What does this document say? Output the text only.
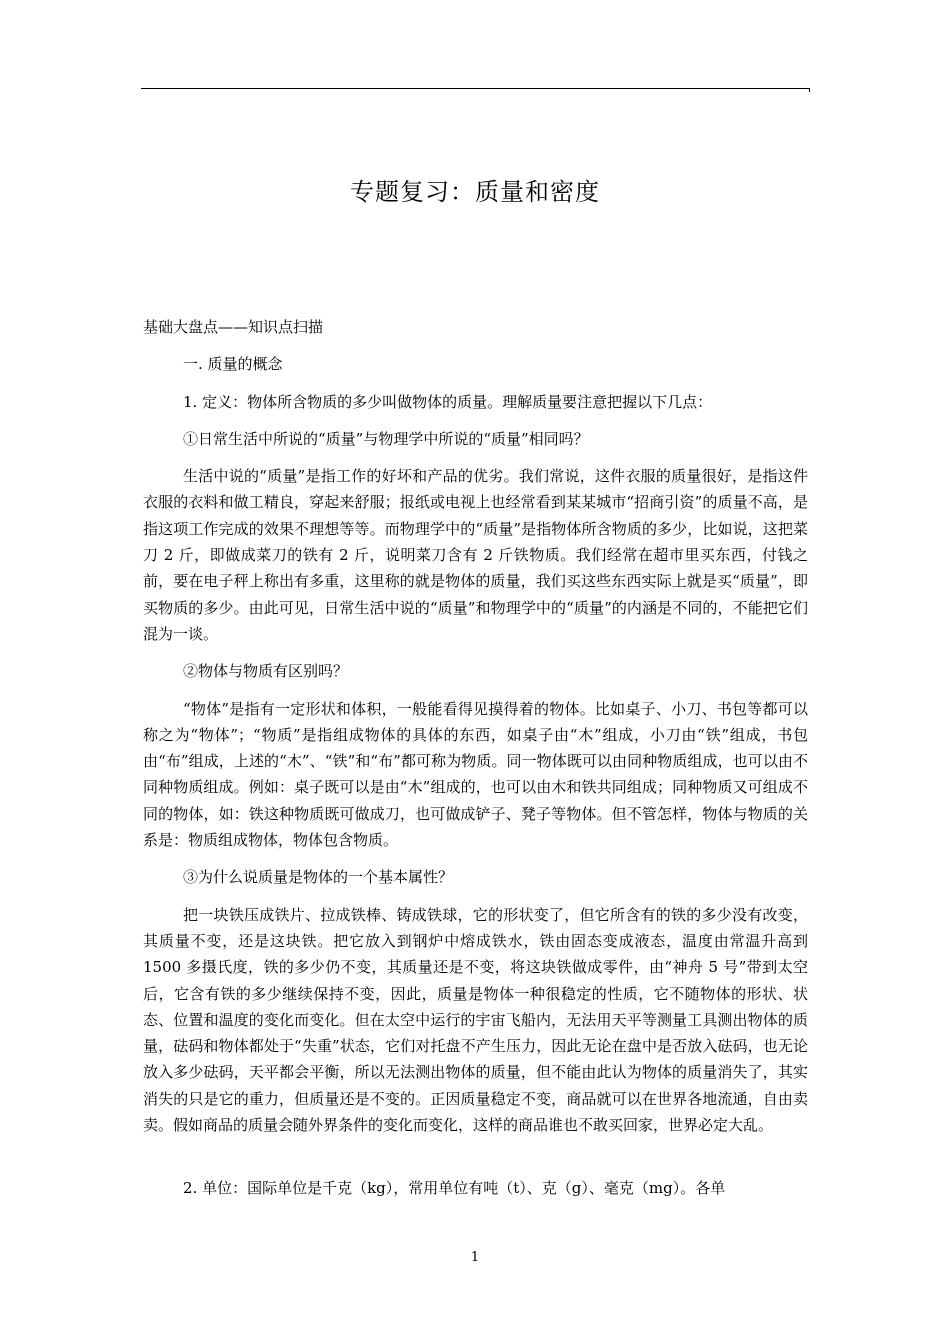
专题复习：质量和密度

基础大盘点——知识点扫描

一. 质量的概念

1. 定义：物体所含物质的多少叫做物体的质量。理解质量要注意把握以下几点：

①日常生活中所说的“质量”与物理学中所说的“质量”相同吗？

生活中说的“质量”是指工作的好坏和产品的优劣。我们常说，这件衣服的质量很好，是指这件衣服的衣料和做工精良，穿起来舒服；报纸或电视上也经常看到某某城市“招商引资”的质量不高，是指这项工作完成的效果不理想等等。而物理学中的“质量”是指物体所含物质的多少，比如说，这把菜刀 2 斤，即做成菜刀的铁有 2 斤，说明菜刀含有 2 斤铁物质。我们经常在超市里买东西，付钱之前，要在电子秤上称出有多重，这里称的就是物体的质量，我们买这些东西实际上就是买“质量”，即买物质的多少。由此可见，日常生活中说的“质量”和物理学中的“质量”的内涵是不同的，不能把它们混为一谈。

②物体与物质有区别吗？

“物体”是指有一定形状和体积，一般能看得见摸得着的物体。比如桌子、小刀、书包等都可以称之为“物体”；“物质”是指组成物体的具体的东西，如桌子由“木”组成，小刀由“铁”组成，书包由“布”组成，上述的“木”、“铁”和“布”都可称为物质。同一物体既可以由同种物质组成，也可以由不同种物质组成。例如：桌子既可以是由“木”组成的，也可以由木和铁共同组成；同种物质又可组成不同的物体，如：铁这种物质既可做成刀，也可做成铲子、凳子等物体。但不管怎样，物体与物质的关系是：物质组成物体，物体包含物质。

③为什么说质量是物体的一个基本属性？

把一块铁压成铁片、拉成铁棒、铸成铁球，它的形状变了，但它所含有的铁的多少没有改变，其质量不变，还是这块铁。把它放入到钢炉中熔成铁水，铁由固态变成液态，温度由常温升高到 1500 多摄氏度，铁的多少仍不变，其质量还是不变，将这块铁做成零件，由“神舟 5 号”带到太空后，它含有铁的多少继续保持不变，因此，质量是物体一种很稳定的性质，它不随物体的形状、状态、位置和温度的变化而变化。但在太空中运行的宇宙飞船内，无法用天平等测量工具测出物体的质量，砝码和物体都处于“失重”状态，它们对托盘不产生压力，因此无论在盘中是否放入砝码，也无论放入多少砝码，天平都会平衡，所以无法测出物体的质量，但不能由此认为物体的质量消失了，其实消失的只是它的重力，但质量还是不变的。正因质量稳定不变，商品就可以在世界各地流通，自由卖卖。假如商品的质量会随外界条件的变化而变化，这样的商品谁也不敢买回家，世界必定大乱。

2. 单位：国际单位是千克（kg），常用单位有吨（t）、克（g）、毫克（mg）。各单

1
